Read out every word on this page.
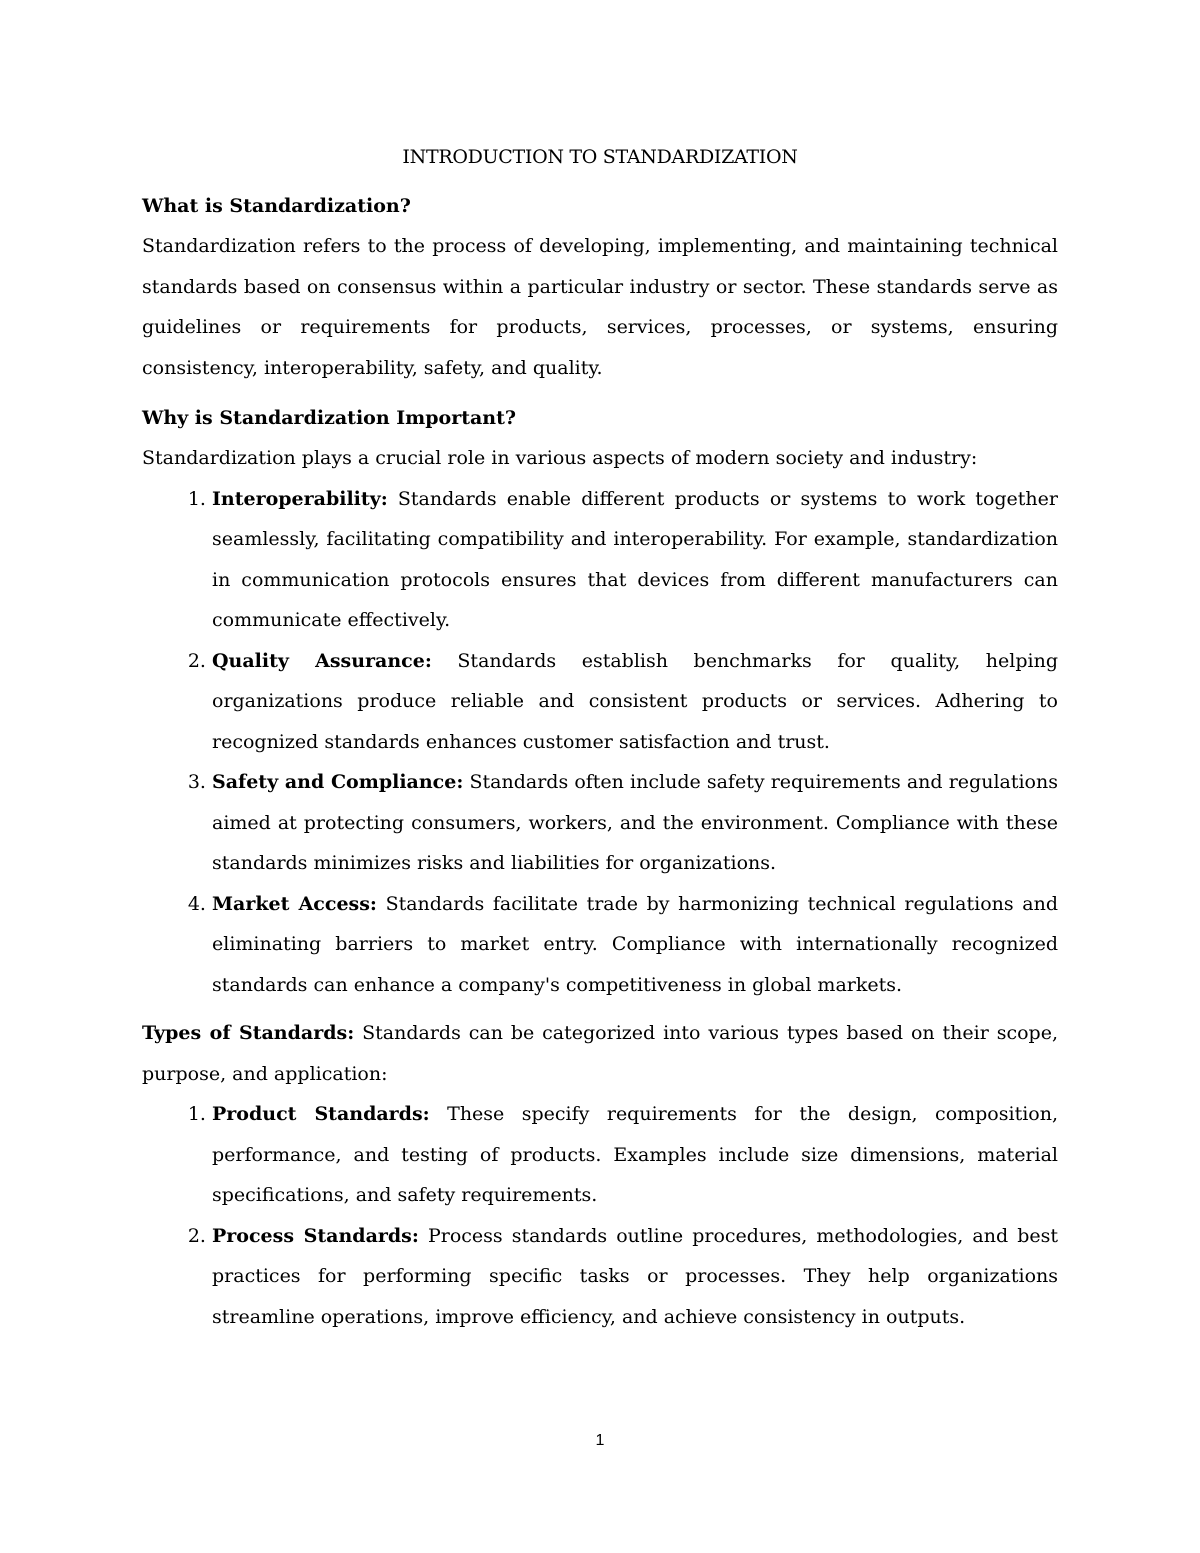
INTRODUCTION TO STANDARDIZATION
What is Standardization?

Standardization refers to the process of developing, implementing, and maintaining technical standards based on consensus within a particular industry or sector. These standards serve as guidelines or requirements for products, services, processes, or systems, ensuring consistency, interoperability, safety, and quality.

Why is Standardization Important?

Standardization plays a crucial role in various aspects of modern society and industry:

1. Interoperability: Standards enable different products or systems to work together seamlessly, facilitating compatibility and interoperability. For example, standardization in communication protocols ensures that devices from different manufacturers can communicate effectively.
2. Quality Assurance: Standards establish benchmarks for quality, helping organizations produce reliable and consistent products or services. Adhering to recognized standards enhances customer satisfaction and trust.
3. Safety and Compliance: Standards often include safety requirements and regulations aimed at protecting consumers, workers, and the environment. Compliance with these standards minimizes risks and liabilities for organizations.
4. Market Access: Standards facilitate trade by harmonizing technical regulations and eliminating barriers to market entry. Compliance with internationally recognized standards can enhance a company's competitiveness in global markets.

Types of Standards: Standards can be categorized into various types based on their scope, purpose, and application:

1. Product Standards: These specify requirements for the design, composition, performance, and testing of products. Examples include size dimensions, material specifications, and safety requirements.
2. Process Standards: Process standards outline procedures, methodologies, and best practices for performing specific tasks or processes. They help organizations streamline operations, improve efficiency, and achieve consistency in outputs.
1
